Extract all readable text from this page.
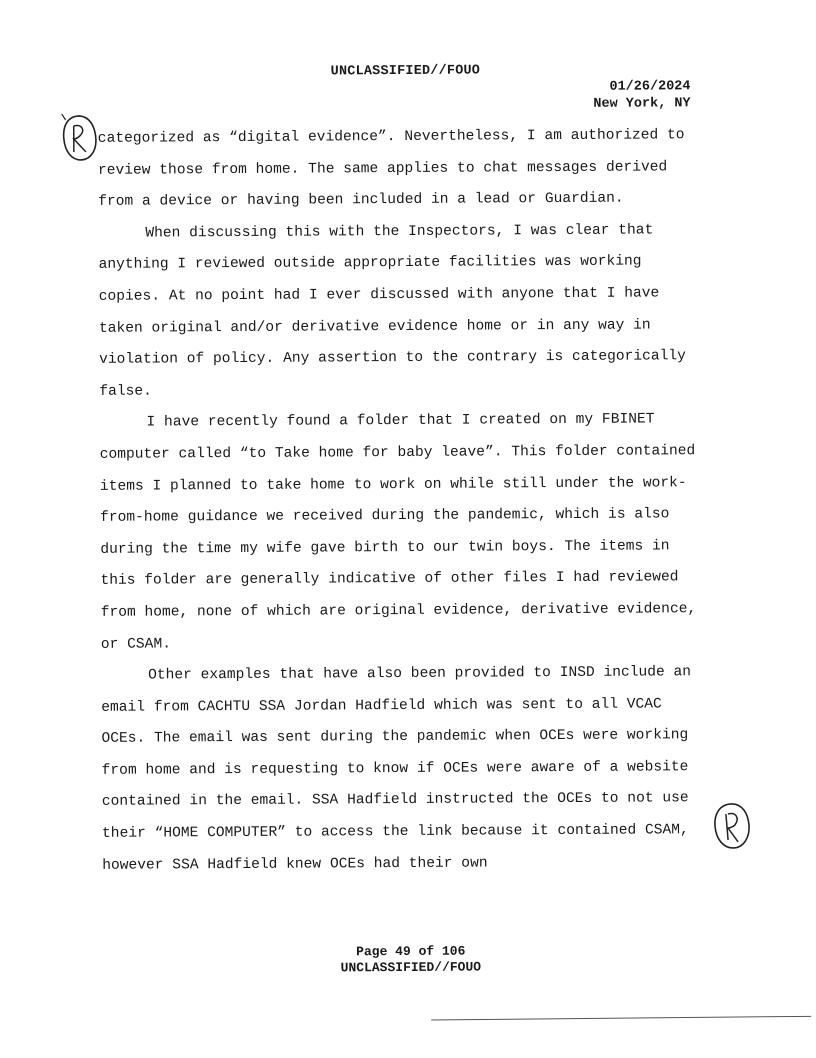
UNCLASSIFIED//FOUO
01/26/2024
New York, NY

categorized as “digital evidence”. Nevertheless, I am authorized to review those from home. The same applies to chat messages derived from a device or having been included in a lead or Guardian.

When discussing this with the Inspectors, I was clear that anything I reviewed outside appropriate facilities was working copies. At no point had I ever discussed with anyone that I have taken original and/or derivative evidence home or in any way in violation of policy. Any assertion to the contrary is categorically false.

I have recently found a folder that I created on my FBINET computer called “to Take home for baby leave”. This folder contained items I planned to take home to work on while still under the work-from-home guidance we received during the pandemic, which is also during the time my wife gave birth to our twin boys. The items in this folder are generally indicative of other files I had reviewed from home, none of which are original evidence, derivative evidence, or CSAM.

Other examples that have also been provided to INSD include an email from CACHTU SSA Jordan Hadfield which was sent to all VCAC OCEs. The email was sent during the pandemic when OCEs were working from home and is requesting to know if OCEs were aware of a website contained in the email. SSA Hadfield instructed the OCEs to not use their “HOME COMPUTER” to access the link because it contained CSAM, however SSA Hadfield knew OCEs had their own

Page 49 of 106
UNCLASSIFIED//FOUO
